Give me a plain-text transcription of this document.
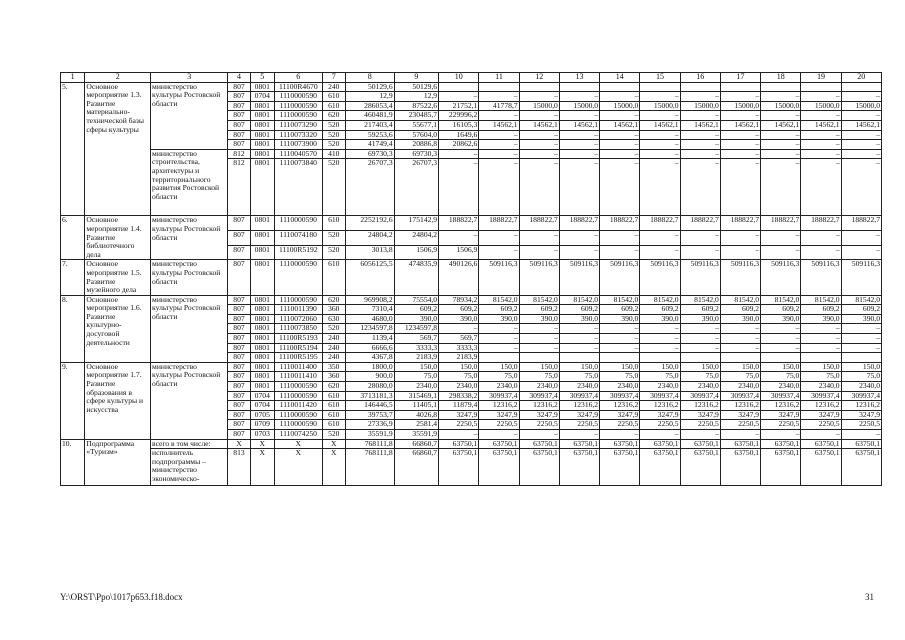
1	2	3	4	5	6	7	8	9	10	11	12	13	14	15	16	17	18	19	20
5.	Основное мероприятие 1.3. Развитие материально-технической базы сферы культуры	министерство культуры Ростовской области	807	0801	11100R4670	240	50129,6	50129,6											
			807	0704	1110000590	610	12,9	12,9	–	–	–	–	–	–	–	–	–	–	–
			807	0801	1110000590	610	286053,4	87522,6	21752,1	41778,7	15000,0	15000,0	15000,0	15000,0	15000,0	15000,0	15000,0	15000,0	15000,0
			807	0801	1110000590	620	460481,9	230485,7	229996,2	–	–	–	–	–	–	–	–	–	–
			807	0801	1110073290	520	217403,4	55677,1	16105,3	14562,1	14562,1	14562,1	14562,1	14562,1	14562,1	14562,1	14562,1	14562,1	14562,1
			807	0801	1110073320	520	59253,6	57604,0	1649,6	–	–	–	–	–	–	–	–	–	–
			807	0801	1110073900	520	41749,4	20886,8	20862,6	–	–	–	–	–	–	–	–	–	–
		министерство строительства, архитектуры и территориального развития Ростовской области	812	0801	1110040570	410	69730,3	69730,3	–	–	–	–	–	–	–	–	–	–	–
			812	0801	1110073840	520	26707,3	26707,3	–	–	–	–	–	–	–	–	–	–	–
6.	Основное мероприятие 1.4. Развитие библиотечного дела	министерство культуры Ростовской области	807	0801	1110000590	610	2252192,6	175142,9	188822,7	188822,7	188822,7	188822,7	188822,7	188822,7	188822,7	188822,7	188822,7	188822,7	188822,7
			807	0801	1110074180	520	24804,2	24804,2	–	–	–	–	–	–	–	–	–	–	–
			807	0801	11100R5192	520	3013,8	1506,9	1506,9	–	–	–	–	–	–	–	–	–	–
7.	Основное мероприятие 1.5. Развитие музейного дела	министерство культуры Ростовской области	807	0801	1110000590	610	6056125,5	474835,9	490126,6	509116,3	509116,3	509116,3	509116,3	509116,3	509116,3	509116,3	509116,3	509116,3	509116,3
8.	Основное мероприятие 1.6. Развитие культурно-досуговой деятельности	министерство культуры Ростовской области	807	0801	1110000590	620	969908,2	75554,0	78934,2	81542,0	81542,0	81542,0	81542,0	81542,0	81542,0	81542,0	81542,0	81542,0	81542,0
			807	0801	1110011390	360	7310,4	609,2	609,2	609,2	609,2	609,2	609,2	609,2	609,2	609,2	609,2	609,2	609,2
			807	0801	1110072060	630	4680,0	390,0	390,0	390,0	390,0	390,0	390,0	390,0	390,0	390,0	390,0	390,0	390,0
			807	0801	1110073850	520	1234597,8	1234597,8	–	–	–	–	–	–	–	–	–	–	–
			807	0801	11100R5193	240	1139,4	569,7	569,7	–	–	–	–	–	–	–	–	–	–
			807	0801	11100R5194	240	6666,6	3333,3	3333,3	–	–	–	–	–	–	–	–	–	–
			807	0801	11100R5195	240	4367,8	2183,9	2183,9										
9.	Основное мероприятие 1.7. Развитие образования в сфере культуры и искусства	министерство культуры Ростовской области	807	0801	1110011400	350	1800,0	150,0	150,0	150,0	150,0	150,0	150,0	150,0	150,0	150,0	150,0	150,0	150,0
			807	0801	1110011410	360	900,0	75,0	75,0	75,0	75,0	75,0	75,0	75,0	75,0	75,0	75,0	75,0	75,0
			807	0801	1110000590	620	28080,0	2340,0	2340,0	2340,0	2340,0	2340,0	2340,0	2340,0	2340,0	2340,0	2340,0	2340,0	2340,0
			807	0704	1110000590	610	3713181,3	315469,1	298338,2	309937,4	309937,4	309937,4	309937,4	309937,4	309937,4	309937,4	309937,4	309937,4	309937,4
			807	0704	1110011420	610	146446,5	11405,1	11879,4	12316,2	12316,2	12316,2	12316,2	12316,2	12316,2	12316,2	12316,2	12316,2	12316,2
			807	0705	1110000590	610	39753,7	4026,8	3247,9	3247,9	3247,9	3247,9	3247,9	3247,9	3247,9	3247,9	3247,9	3247,9	3247,9
			807	0709	1110000590	610	27336,9	2581,4	2250,5	2250,5	2250,5	2250,5	2250,5	2250,5	2250,5	2250,5	2250,5	2250,5	2250,5
			807	0703	1110074250	520	35591,9	35591,9	–	–	–	–	–	–	–	–	–	–	–
10.	Подпрограмма «Туризм»	всего в том числе:	X	X	X	X	768111,8	66860,7	63750,1	63750,1	63750,1	63750,1	63750,1	63750,1	63750,1	63750,1	63750,1	63750,1	63750,1
		исполнитель подпрограммы – министерство экономическо-	813	X	X	X	768111,8	66860,7	63750,1	63750,1	63750,1	63750,1	63750,1	63750,1	63750,1	63750,1	63750,1	63750,1	63750,1
Y:\ORST\Ppo\1017p653.f18.docx	31
